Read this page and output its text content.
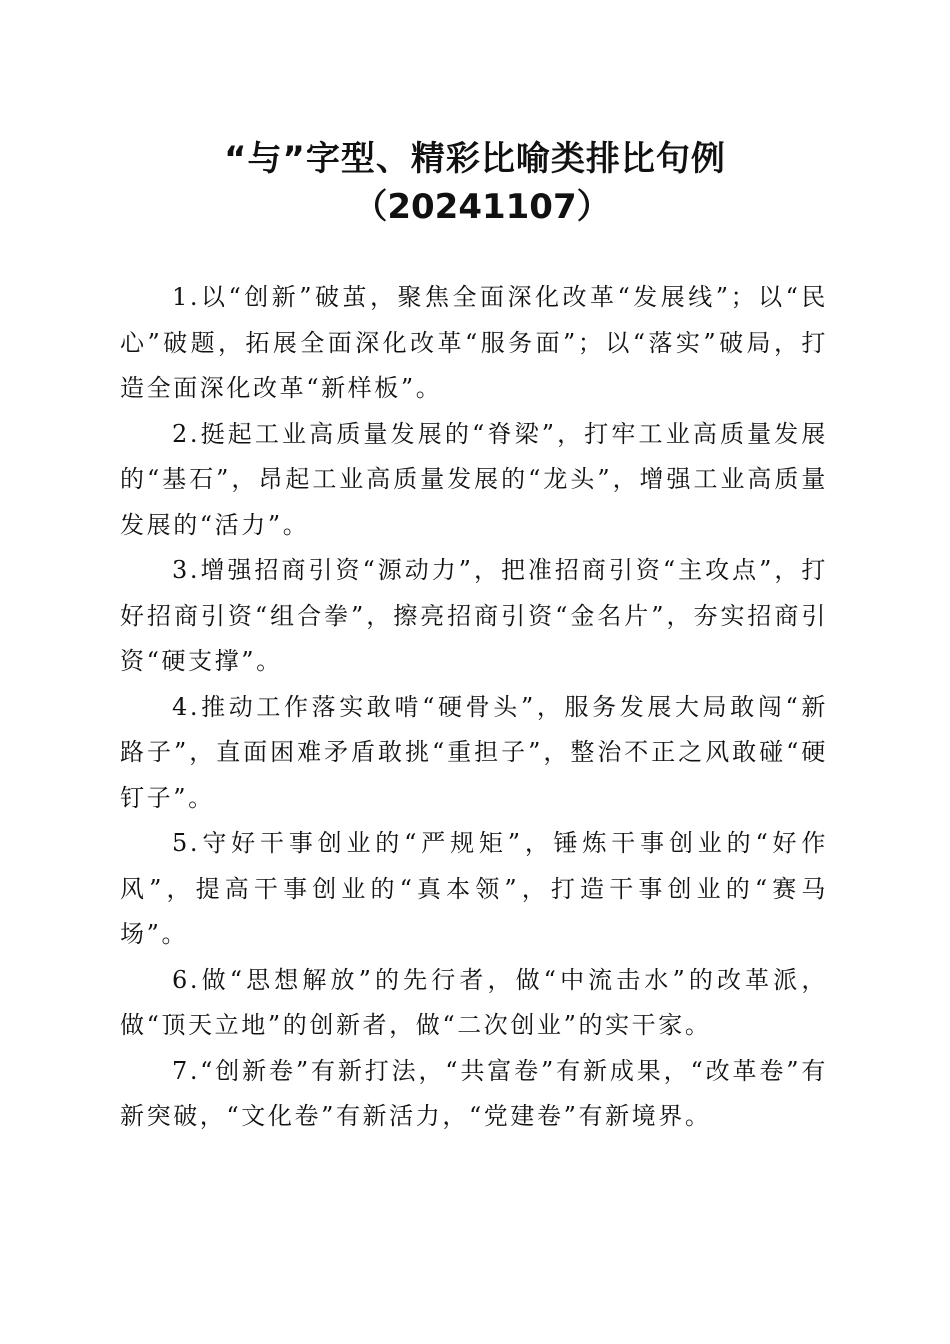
“与”字型、精彩比喻类排比句例
（20241107）

1.以“创新”破茧，聚焦全面深化改革“发展线”；以“民心”破题，拓展全面深化改革“服务面”；以“落实”破局，打造全面深化改革“新样板”。

2.挺起工业高质量发展的“脊梁”，打牢工业高质量发展的“基石”，昂起工业高质量发展的“龙头”，增强工业高质量发展的“活力”。

3.增强招商引资“源动力”，把准招商引资“主攻点”，打好招商引资“组合拳”，擦亮招商引资“金名片”，夯实招商引资“硬支撑”。

4.推动工作落实敢啃“硬骨头”，服务发展大局敢闯“新路子”，直面困难矛盾敢挑“重担子”，整治不正之风敢碰“硬钉子”。

5.守好干事创业的“严规矩”，锤炼干事创业的“好作风”，提高干事创业的“真本领”，打造干事创业的“赛马场”。

6.做“思想解放”的先行者，做“中流击水”的改革派，做“顶天立地”的创新者，做“二次创业”的实干家。

7.“创新卷”有新打法，“共富卷”有新成果，“改革卷”有新突破，“文化卷”有新活力，“党建卷”有新境界。
